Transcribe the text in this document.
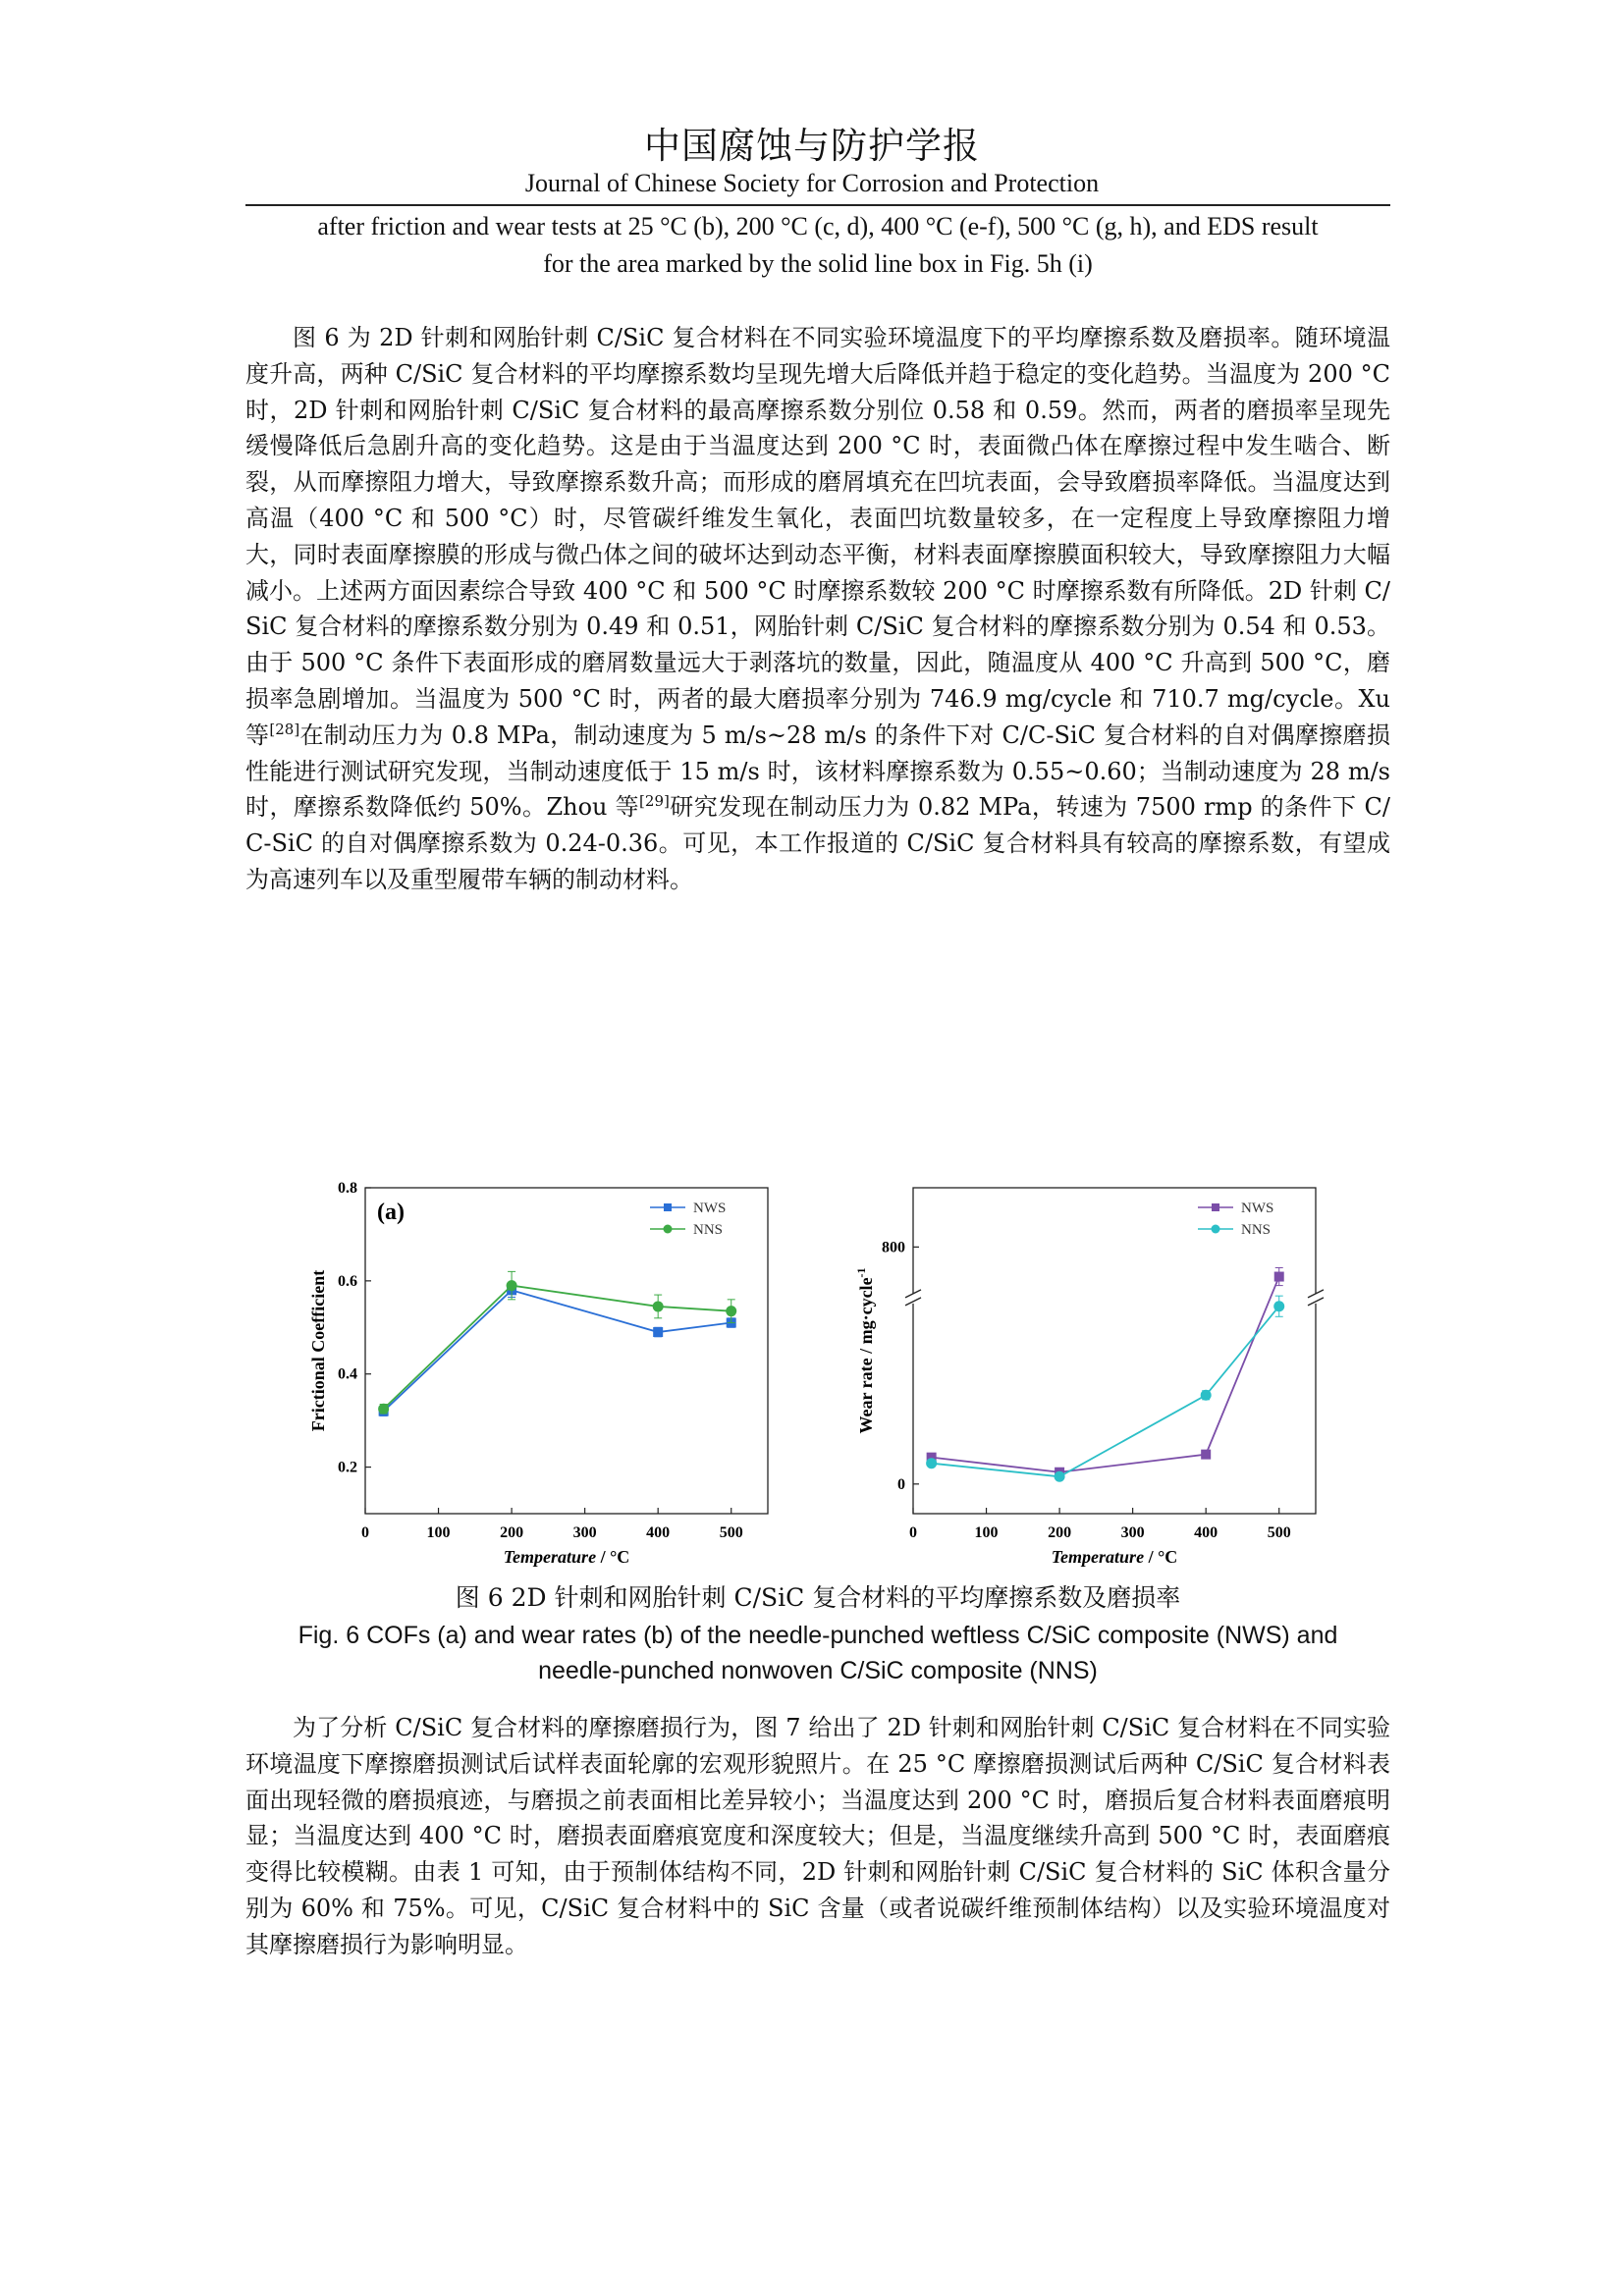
中国腐蚀与防护学报
Journal of Chinese Society for Corrosion and Protection
after friction and wear tests at 25 °C (b), 200 °C (c, d), 400 °C (e-f), 500 °C (g, h), and EDS result
for the area marked by the solid line box in Fig. 5h (i)

图 6 为 2D 针刺和网胎针刺 C/SiC 复合材料在不同实验环境温度下的平均摩擦系数及磨损率。随环境温度升高，两种 C/SiC 复合材料的平均摩擦系数均呈现先增大后降低并趋于稳定的变化趋势。当温度为 200 °C 时，2D 针刺和网胎针刺 C/SiC 复合材料的最高摩擦系数分别位 0.58 和 0.59。然而，两者的磨损率呈现先缓慢降低后急剧升高的变化趋势。这是由于当温度达到 200 °C 时，表面微凸体在摩擦过程中发生啮合、断裂，从而摩擦阻力增大，导致摩擦系数升高；而形成的磨屑填充在凹坑表面，会导致磨损率降低。当温度达到高温（400 °C 和 500 °C）时，尽管碳纤维发生氧化，表面凹坑数量较多，在一定程度上导致摩擦阻力增大，同时表面摩擦膜的形成与微凸体之间的破坏达到动态平衡，材料表面摩擦膜面积较大，导致摩擦阻力大幅减小。上述两方面因素综合导致 400 °C 和 500 °C 时摩擦系数较 200 °C 时摩擦系数有所降低。2D 针刺 C/SiC 复合材料的摩擦系数分别为 0.49 和 0.51，网胎针刺 C/SiC 复合材料的摩擦系数分别为 0.54 和 0.53。由于 500 °C 条件下表面形成的磨屑数量远大于剥落坑的数量，因此，随温度从 400 °C 升高到 500 °C，磨损率急剧增加。当温度为 500 °C 时，两者的最大磨损率分别为 746.9 mg/cycle 和 710.7 mg/cycle。Xu 等[28]在制动压力为 0.8 MPa，制动速度为 5 m/s~28 m/s 的条件下对 C/C-SiC 复合材料的自对偶摩擦磨损性能进行测试研究发现，当制动速度低于 15 m/s 时，该材料摩擦系数为 0.55~0.60；当制动速度为 28 m/s 时，摩擦系数降低约 50%。Zhou 等[29]研究发现在制动压力为 0.82 MPa，转速为 7500 rmp 的条件下 C/C-SiC 的自对偶摩擦系数为 0.24-0.36。可见，本工作报道的 C/SiC 复合材料具有较高的摩擦系数，有望成为高速列车以及重型履带车辆的制动材料。

0	100	200	300	400	500
0.2
0.4
0.6
0.8
Temperature / °C
Frictional Coefficient
(a)	NWS
NNS
0	100	200	300	400	500
0
800
Temperature / °C
Wear rate / mg·cycle$^{-1}$
NWS
NNS
图 6 2D 针刺和网胎针刺 C/SiC 复合材料的平均摩擦系数及磨损率
Fig. 6 COFs (a) and wear rates (b) of the needle-punched weftless C/SiC composite (NWS) and
needle-punched nonwoven C/SiC composite (NNS)

为了分析 C/SiC 复合材料的摩擦磨损行为，图 7 给出了 2D 针刺和网胎针刺 C/SiC 复合材料在不同实验环境温度下摩擦磨损测试后试样表面轮廓的宏观形貌照片。在 25 °C 摩擦磨损测试后两种 C/SiC 复合材料表面出现轻微的磨损痕迹，与磨损之前表面相比差异较小；当温度达到 200 °C 时，磨损后复合材料表面磨痕明显；当温度达到 400 °C 时，磨损表面磨痕宽度和深度较大；但是，当温度继续升高到 500 °C 时，表面磨痕变得比较模糊。由表 1 可知，由于预制体结构不同，2D 针刺和网胎针刺 C/SiC 复合材料的 SiC 体积含量分别为 60% 和 75%。可见，C/SiC 复合材料中的 SiC 含量（或者说碳纤维预制体结构）以及实验环境温度对其摩擦磨损行为影响明显。
